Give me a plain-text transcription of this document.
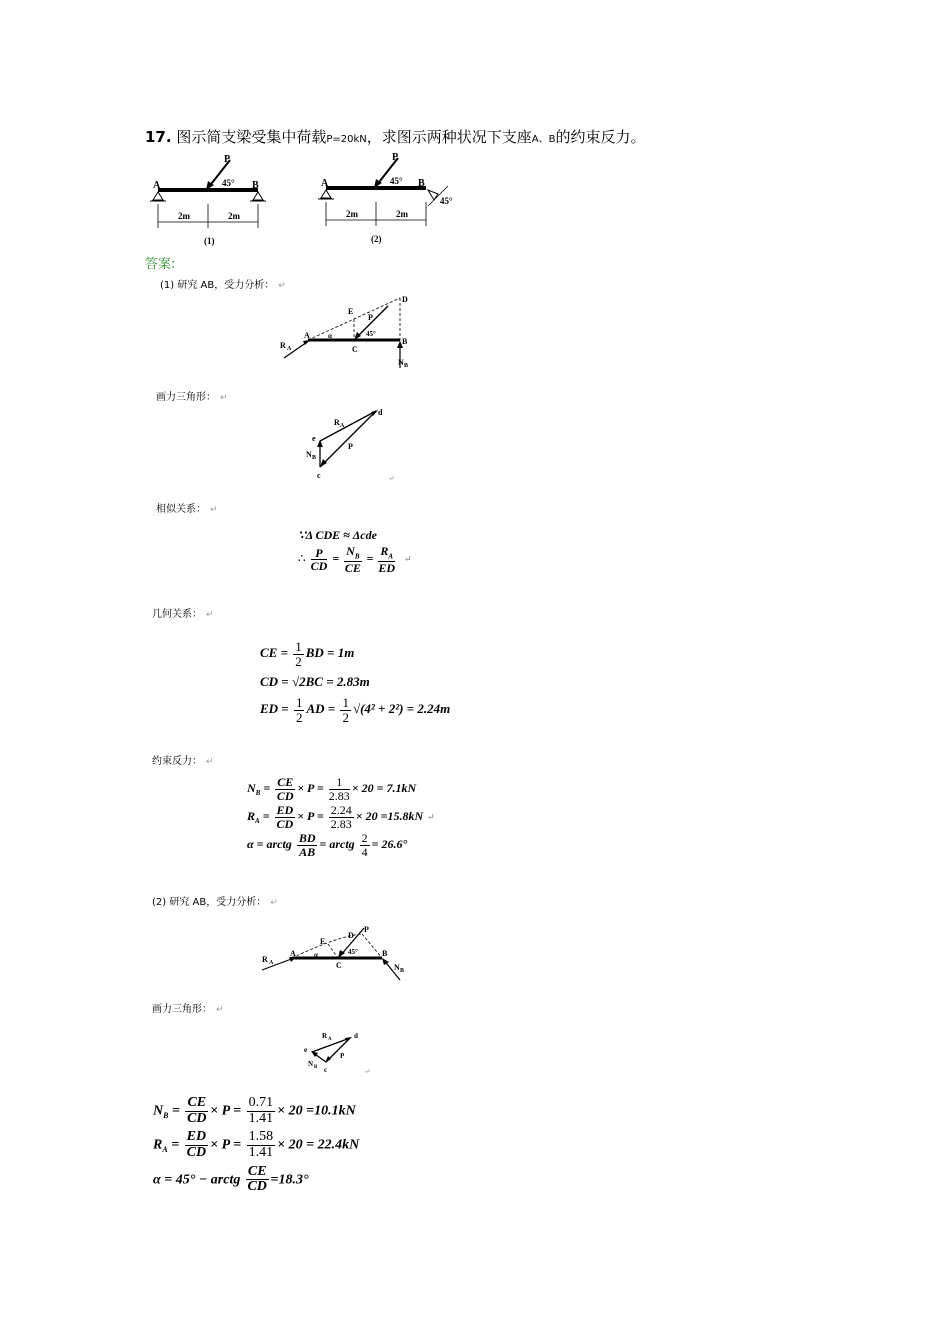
17. 图示简支梁受集中荷载P=20kN，求图示两种状况下支座A、B的约束反力。
P
45°
A	B
2m	2m
(1)
P
45°
A	B
45°
2m	2m
(2)
答案:
(1) 研究 AB，受力分析： ↵
R A
A
E
D
P
45°
α
C
B
N B
画力三角形： ↵
d
R A
e
N B
P
c	↵
相似关系： ↵
∵Δ CDE ≈ Δcde
∴ $\frac{P}{CD} = \frac{N_B}{CE} = \frac{R_A}{ED}$ ↵
几何关系： ↵
CE = $\frac{1}{2}$ BD = 1m
CD = √2BC = 2.83m
ED = $\frac{1}{2}$ AD = $\frac{1}{2} √(4^2 + 2^2) = 2.24m$
约束反力： ↵
$N_B = \frac{CE}{CD} \times P = \frac{1}{2.83} \times 20 = 7.1kN$
$R_A = \frac{ED}{CD} \times P = \frac{2.24}{2.83} \times 20 =15.8kN$ ↵
α = arctg $\frac{BD}{AB}$ = arctg $\frac{2}{4} = 26.6^\circ$
(2) 研究 AB，受力分析： ↵
R A
A
E
D
P
45°
α
C
B
N B
画力三角形： ↵
R A	d
e
P
N B c	↵
$N_B = \frac{CE}{CD} \times P = \frac{0.71}{1.41} \times 20 =10.1kN$
$R_A = \frac{ED}{CD} \times P = \frac{1.58}{1.41} \times 20 = 22.4kN$
α = 45° − arctg $\frac{CE}{CD} =18.3^\circ$
